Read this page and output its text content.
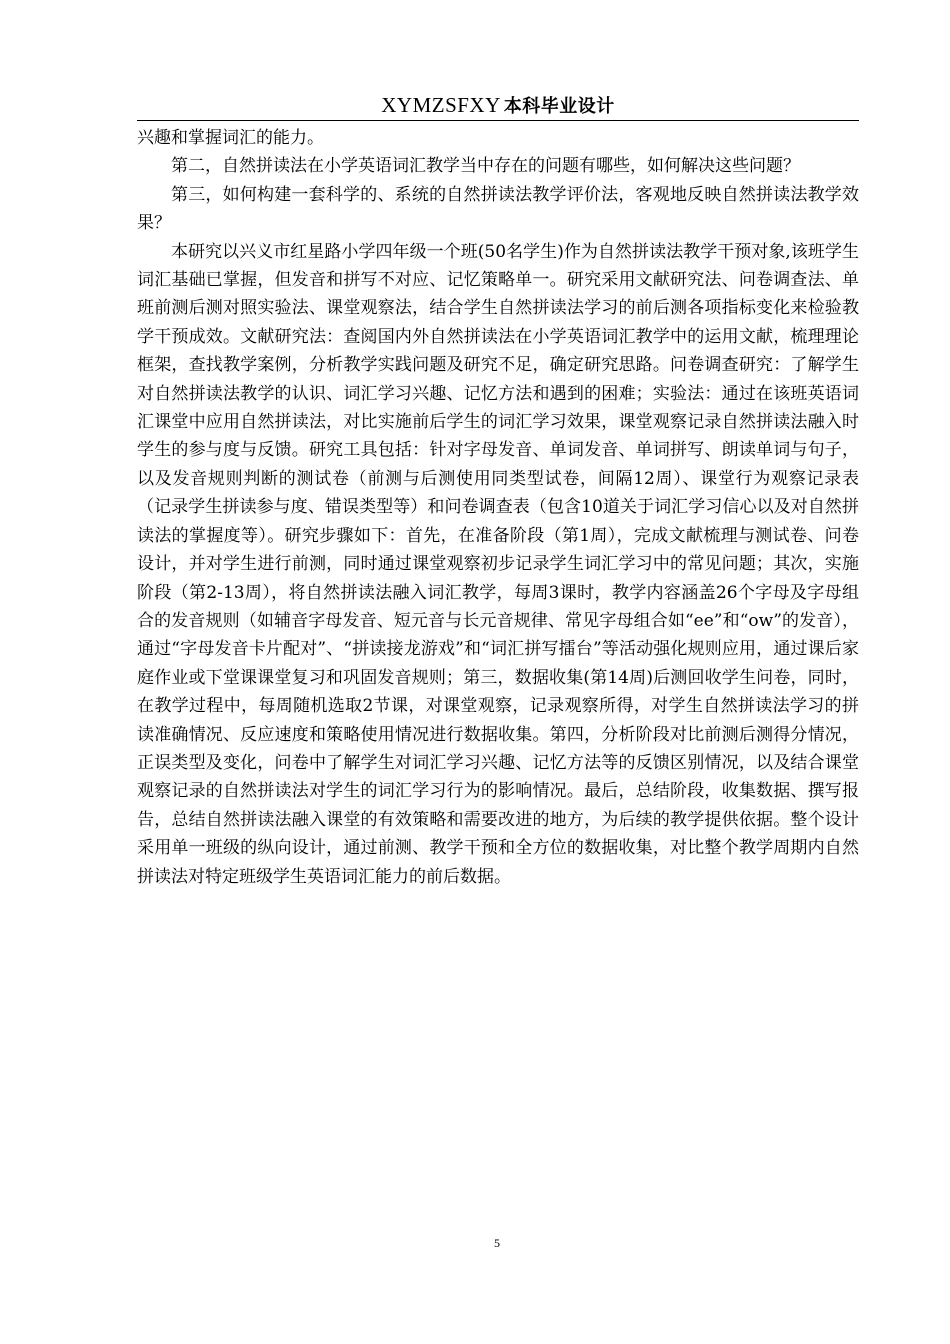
XYMZSFXY 本科毕业设计

兴趣和掌握词汇的能力。

第二，自然拼读法在小学英语词汇教学当中存在的问题有哪些，如何解决这些问题？

第三，如何构建一套科学的、系统的自然拼读法教学评价法，客观地反映自然拼读法教学效果？

本研究以兴义市红星路小学四年级一个班(50名学生)作为自然拼读法教学干预对象,该班学生词汇基础已掌握，但发音和拼写不对应、记忆策略单一。研究采用文献研究法、问卷调查法、单班前测后测对照实验法、课堂观察法，结合学生自然拼读法学习的前后测各项指标变化来检验教学干预成效。文献研究法：查阅国内外自然拼读法在小学英语词汇教学中的运用文献，梳理理论框架，查找教学案例，分析教学实践问题及研究不足，确定研究思路。问卷调查研究：了解学生对自然拼读法教学的认识、词汇学习兴趣、记忆方法和遇到的困难；实验法：通过在该班英语词汇课堂中应用自然拼读法，对比实施前后学生的词汇学习效果，课堂观察记录自然拼读法融入时学生的参与度与反馈。研究工具包括：针对字母发音、单词发音、单词拼写、朗读单词与句子，以及发音规则判断的测试卷（前测与后测使用同类型试卷，间隔12周）、课堂行为观察记录表（记录学生拼读参与度、错误类型等）和问卷调查表（包含10道关于词汇学习信心以及对自然拼读法的掌握度等）。研究步骤如下：首先，在准备阶段（第1周），完成文献梳理与测试卷、问卷设计，并对学生进行前测，同时通过课堂观察初步记录学生词汇学习中的常见问题；其次，实施阶段（第2-13周），将自然拼读法融入词汇教学，每周3课时，教学内容涵盖26个字母及字母组合的发音规则（如辅音字母发音、短元音与长元音规律、常见字母组合如“ee”和“ow”的发音），通过“字母发音卡片配对”、“拼读接龙游戏”和“词汇拼写擂台”等活动强化规则应用，通过课后家庭作业或下堂课课堂复习和巩固发音规则；第三，数据收集(第14周)后测回收学生问卷，同时，在教学过程中，每周随机选取2节课，对课堂观察，记录观察所得，对学生自然拼读法学习的拼读准确情况、反应速度和策略使用情况进行数据收集。第四，分析阶段对比前测后测得分情况，正误类型及变化，问卷中了解学生对词汇学习兴趣、记忆方法等的反馈区别情况，以及结合课堂观察记录的自然拼读法对学生的词汇学习行为的影响情况。最后，总结阶段，收集数据、撰写报告，总结自然拼读法融入课堂的有效策略和需要改进的地方，为后续的教学提供依据。整个设计采用单一班级的纵向设计，通过前测、教学干预和全方位的数据收集，对比整个教学周期内自然拼读法对特定班级学生英语词汇能力的前后数据。

5
